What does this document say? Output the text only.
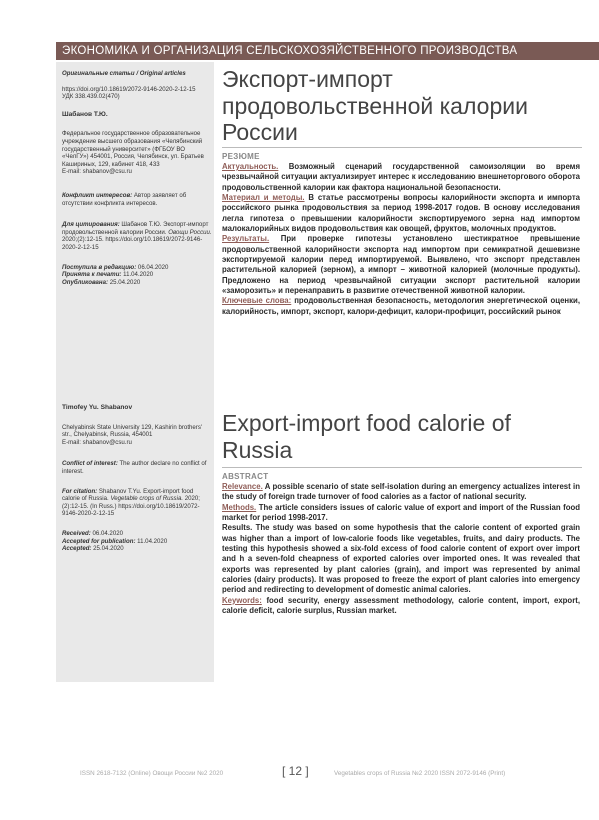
ЭКОНОМИКА И ОРГАНИЗАЦИЯ СЕЛЬСКОХОЗЯЙСТВЕННОГО ПРОИЗВОДСТВА
Оригинальные статьи / Original articles
https://doi.org/10.18619/2072-9146-2020-2-12-15
УДК 338.439.02(470)
Шабанов Т.Ю.
Федеральное государственное образовательное учреждение высшего образования «Челябинский государственный университет» (ФГБОУ ВО «ЧелГУ») 454001, Россия, Челябинск, ул. Братьев Кашириных, 129, кабинет 418, 433
E-mail: shabanov@csu.ru
Конфликт интересов: Автор заявляет об отсутствии конфликта интересов.
Для цитирования: Шабанов Т.Ю. Экспорт-импорт продовольственной калории России. Овощи России. 2020;(2):12-15. https://doi.org/10.18619/2072-9146-2020-2-12-15
Поступила в редакцию: 06.04.2020
Принята к печати: 11.04.2020
Опубликована: 25.04.2020
Timofey Yu. Shabanov
Chelyabinsk State University 129, Kashirin brothers' str., Chelyabinsk, Russia, 454001
E-mail: shabanov@csu.ru
Conflict of interest: The author declare no conflict of interest.
For citation: Shabanov T.Yu. Export-import food calorie of Russia. Vegetable crops of Russia. 2020;(2):12-15. (In Russ.) https://doi.org/10.18619/2072-9146-2020-2-12-15
Received: 06.04.2020
Accepted for publication: 11.04.2020
Accepted: 25.04.2020
Экспорт-импорт продовольственной калории России
РЕЗЮМЕ

Актуальность. Возможный сценарий государственной самоизоляции во время чрезвычайной ситуации актуализирует интерес к исследованию внешнеторгового оборота продовольственной калории как фактора национальной безопасности.

Материал и методы. В статье рассмотрены вопросы калорийности экспорта и импорта российского рынка продовольствия за период 1998-2017 годов. В основу исследования легла гипотеза о превышении калорийности экспортируемого зерна над импортом малокалорийных видов продовольствия как овощей, фруктов, молочных продуктов.

Результаты. При проверке гипотезы установлено шестикратное превышение продовольственной калорийности экспорта над импортом при семикратной дешевизне экспортируемой калории перед импортируемой. Выявлено, что экспорт представлен растительной калорией (зерном), а импорт – животной калорией (молочные продукты). Предложено на период чрезвычайной ситуации экспорт растительной калории «заморозить» и перенаправить в развитие отечественной животной калории.

Ключевые слова: продовольственная безопасность, методология энергетической оценки, калорийность, импорт, экспорт, калори-дефицит, калори-профицит, российский рынок

Export-import food calorie of Russia
ABSTRACT

Relevance. A possible scenario of state self-isolation during an emergency actualizes interest in the study of foreign trade turnover of food calories as a factor of national security.

Methods. The article considers issues of caloric value of export and import of the Russian food market for period 1998-2017.

Results. The study was based on some hypothesis that the calorie content of exported grain was higher than a import of low-calorie foods like vegetables, fruits, and dairy products. The testing this hypothesis showed a six-fold excess of food calorie content of export over import and h a seven-fold cheapness of exported calories over imported ones. It was revealed that exports was represented by plant calories (grain), and import was represented by animal calories (dairy products). It was proposed to freeze the export of plant calories into emergency period and redirecting to development of domestic animal calories.

Keywords: food security, energy assessment methodology, calorie content, import, export, calorie deficit, calorie surplus, Russian market.

ISSN 2618-7132 (Online) Овощи России №2 2020	[ 12 ]	Vegetables crops of Russia №2 2020 ISSN 2072-9146 (Print)
